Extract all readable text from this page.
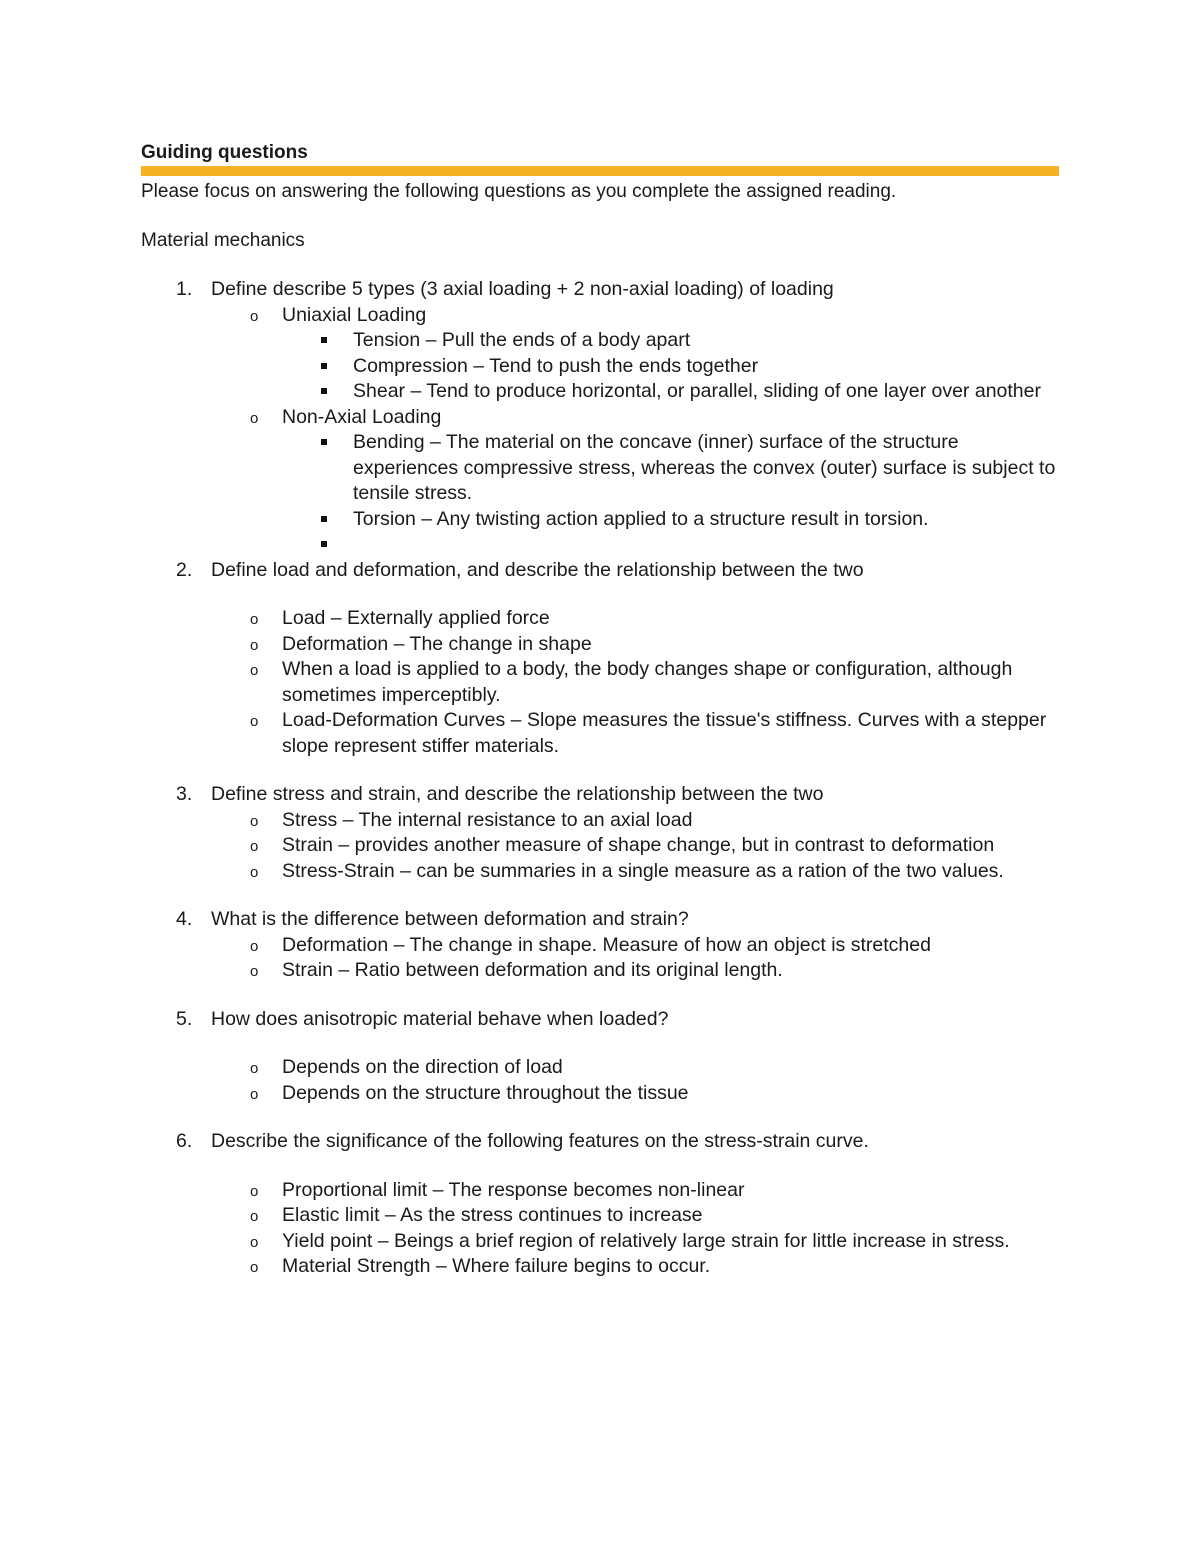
Guiding questions
Please focus on answering the following questions as you complete the assigned reading.
Material mechanics
1. Define describe 5 types (3 axial loading + 2 non-axial loading) of loading
o Uniaxial Loading
Tension – Pull the ends of a body apart
Compression – Tend to push the ends together
Shear – Tend to produce horizontal, or parallel, sliding of one layer over another
o Non-Axial Loading
Bending – The material on the concave (inner) surface of the structure experiences compressive stress, whereas the convex (outer) surface is subject to tensile stress.
Torsion – Any twisting action applied to a structure result in torsion.
2. Define load and deformation, and describe the relationship between the two
o Load – Externally applied force
o Deformation – The change in shape
o When a load is applied to a body, the body changes shape or configuration, although sometimes imperceptibly.
o Load-Deformation Curves – Slope measures the tissue's stiffness. Curves with a stepper slope represent stiffer materials.
3. Define stress and strain, and describe the relationship between the two
o Stress – The internal resistance to an axial load
o Strain – provides another measure of shape change, but in contrast to deformation
o Stress-Strain – can be summaries in a single measure as a ration of the two values.
4. What is the difference between deformation and strain?
o Deformation – The change in shape. Measure of how an object is stretched
o Strain – Ratio between deformation and its original length.
5. How does anisotropic material behave when loaded?
o Depends on the direction of load
o Depends on the structure throughout the tissue
6. Describe the significance of the following features on the stress-strain curve.
o Proportional limit – The response becomes non-linear
o Elastic limit – As the stress continues to increase
o Yield point – Beings a brief region of relatively large strain for little increase in stress.
o Material Strength – Where failure begins to occur.
